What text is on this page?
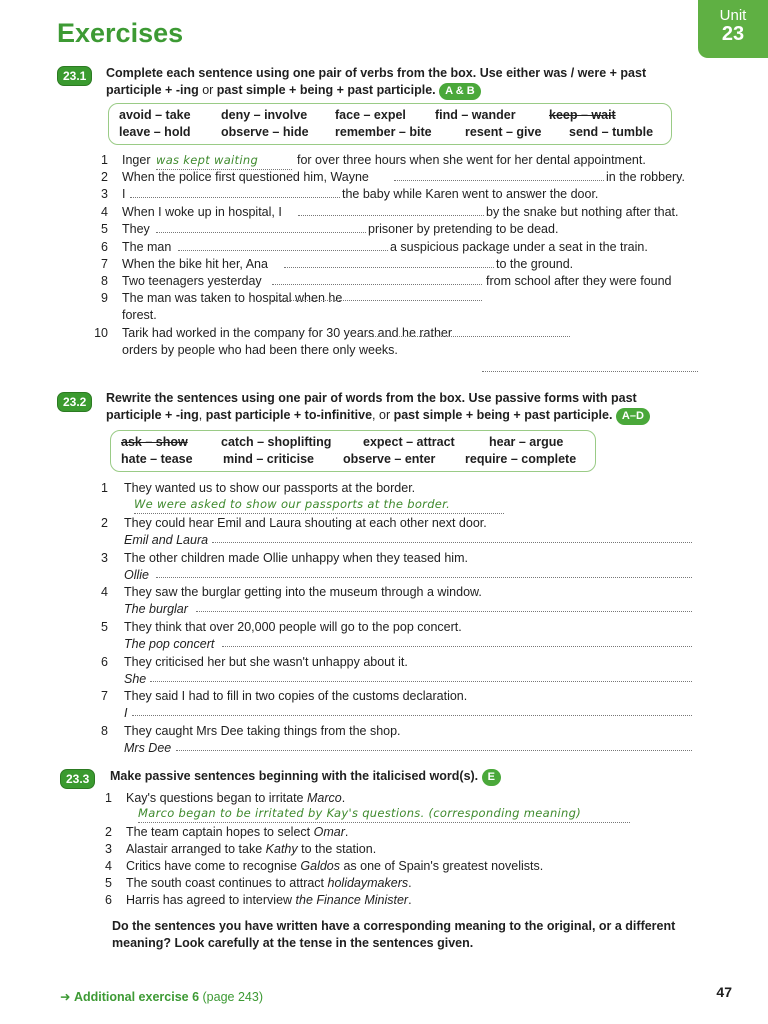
Exercises
Unit
23
23.1	Complete each sentence using one pair of verbs from the box. Use either was / were + past
participle + -ing or past simple + being + past participle. A & B
avoid – take deny – involve face – expel find – wander	keep – wait
leave – hold observe – hide remember – bite	resent – give send – tumble
1 Inger was kept waiting	for over three hours when she went for her dental appointment.
2 When the police first questioned him, Wayne	in the robbery.
3 I	the baby while Karen went to answer the door.
4 When I woke up in hospital, I	by the snake but nothing after that.
5 They	prisoner by pretending to be dead.
6 The man	a suspicious package under a seat in the train.
7 When the bike hit her, Ana	to the ground.
8 Two teenagers yesterday	from school after they were found
9 The man was taken to hospital when he
forest.
10 Tarik had worked in the company for 30 years and he rather
orders by people who had been there only weeks.
23.2	Rewrite the sentences using one pair of words from the box. Use passive forms with past
participle + -ing, past participle + to-infinitive, or past simple + being + past participle. A–D
ask – show	catch – shoplifting	expect – attract	hear – argue
hate – tease mind – criticise observe – enter require – complete
1 They wanted us to show our passports at the border.
We were asked to show our passports at the border.
2 They could hear Emil and Laura shouting at each other next door.
Emil and Laura
3 The other children made Ollie unhappy when they teased him.
Ollie
4 They saw the burglar getting into the museum through a window.
The burglar
5 They think that over 20,000 people will go to the pop concert.
The pop concert
6 They criticised her but she wasn't unhappy about it.
She
7 They said I had to fill in two copies of the customs declaration.
I
8 They caught Mrs Dee taking things from the shop.
Mrs Dee
23.3	Make passive sentences beginning with the italicised word(s). E
1 Kay's questions began to irritate Marco.
Marco began to be irritated by Kay's questions. (corresponding meaning)
2 The team captain hopes to select Omar.
3 Alastair arranged to take Kathy to the station.
4 Critics have come to recognise Galdos as one of Spain's greatest novelists.
5 The south coast continues to attract holidaymakers.
6 Harris has agreed to interview the Finance Minister.
Do the sentences you have written have a corresponding meaning to the original, or a different
meaning? Look carefully at the tense in the sentences given.
➜ Additional exercise 6 (page 243)	47
